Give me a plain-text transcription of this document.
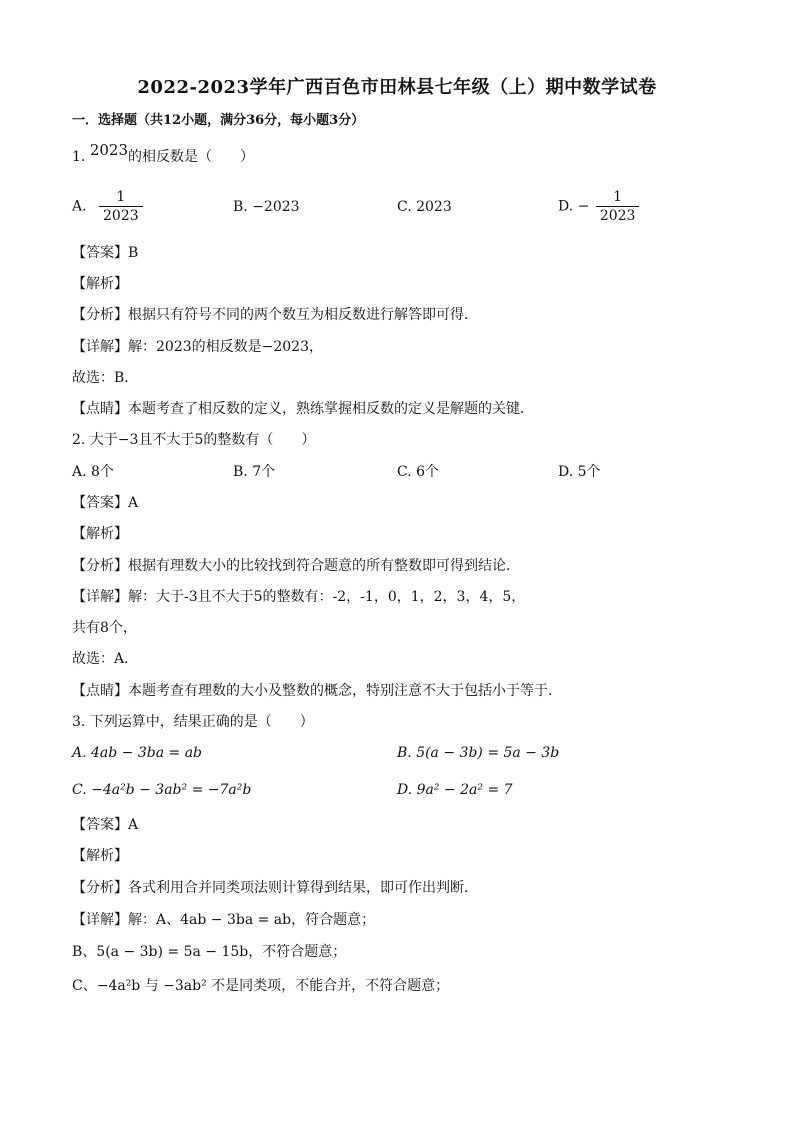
2022-2023学年广西百色市田林县七年级（上）期中数学试卷
一．选择题（共12小题，满分36分，每小题3分）
1. 2023的相反数是（　　）
A. $\frac{1}{2023}$	B. −2023	C. 2023	D. − $\frac{1}{2023}$
【答案】B
【解析】
【分析】根据只有符号不同的两个数互为相反数进行解答即可得．
【详解】解：2023的相反数是−2023，
故选：B．
【点睛】本题考查了相反数的定义，熟练掌握相反数的定义是解题的关键．
2. 大于−3且不大于5的整数有（　　）
A. 8个	B. 7个	C. 6个	D. 5个
【答案】A
【解析】
【分析】根据有理数大小的比较找到符合题意的所有整数即可得到结论．
【详解】解：大于-3且不大于5的整数有：-2，-1，0，1，2，3，4，5，
共有8个，
故选：A．
【点睛】本题考查有理数的大小及整数的概念，特别注意不大于包括小于等于．
3. 下列运算中，结果正确的是（　　）
A. 4ab − 3ba = ab	B. 5(a − 3b) = 5a − 3b
C. −4a²b − 3ab² = −7a²b	D. 9a² − 2a² = 7
【答案】A
【解析】
【分析】各式利用合并同类项法则计算得到结果，即可作出判断．
【详解】解：A、4ab − 3ba = ab，符合题意；
B、5(a − 3b) = 5a − 15b，不符合题意；
C、−4a²b 与 −3ab² 不是同类项，不能合并，不符合题意；
